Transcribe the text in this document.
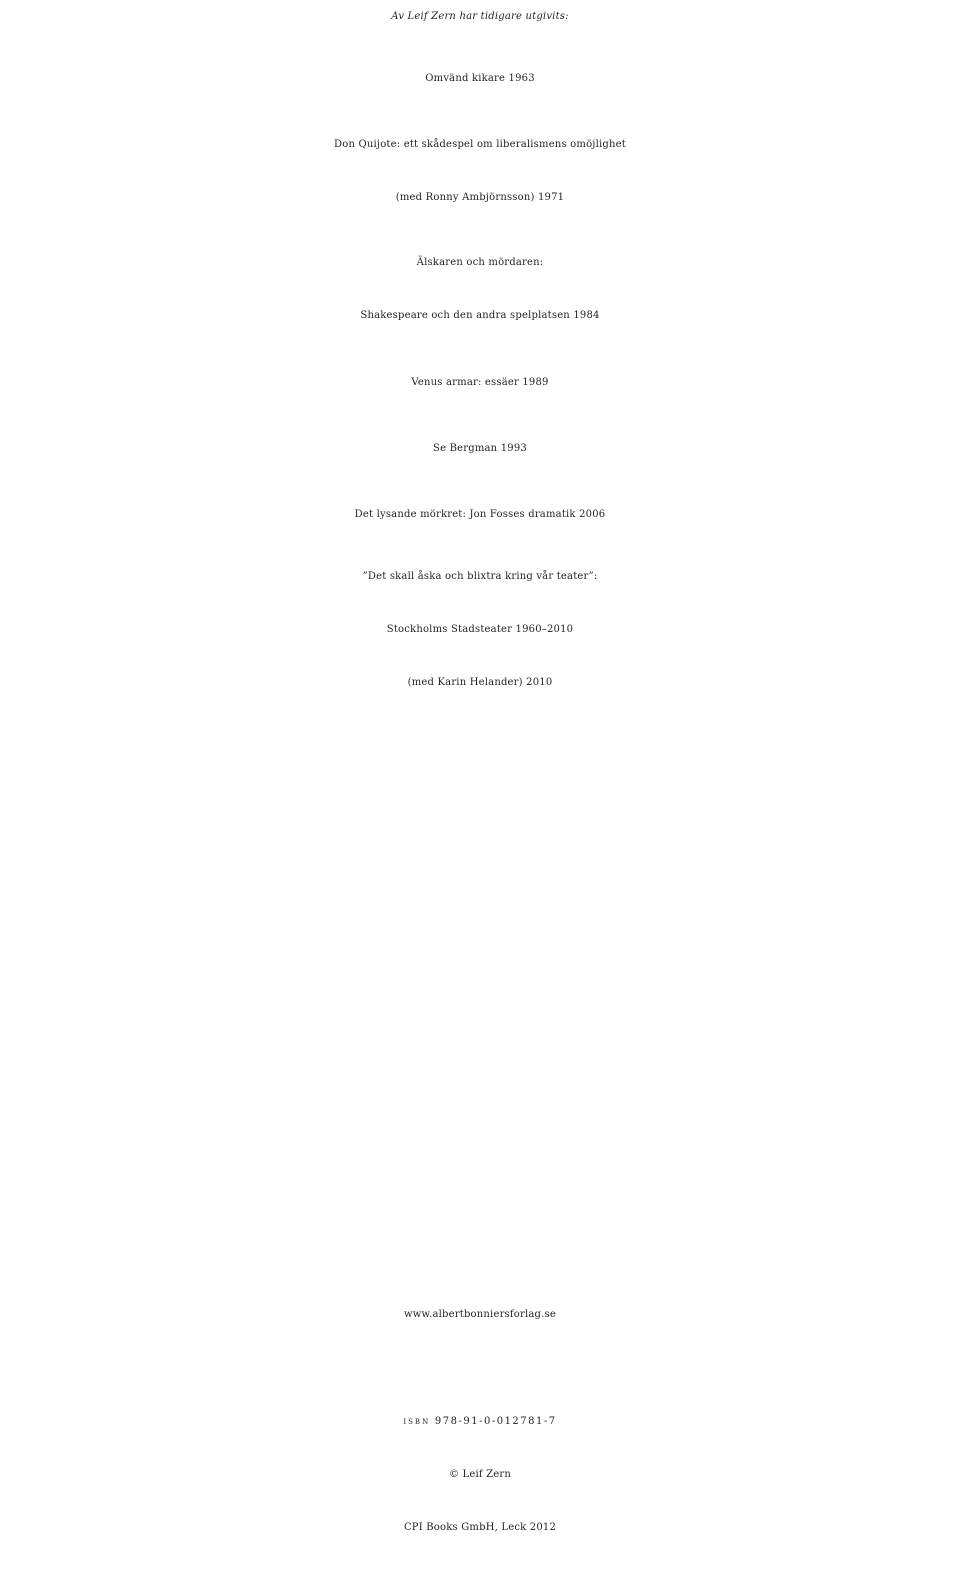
Av Leif Zern har tidigare utgivits:
Omvänd kikare 1963
Don Quijote: ett skådespel om liberalismens omöjlighet
(med Ronny Ambjörnsson) 1971
Älskaren och mördaren:
Shakespeare och den andra spelplatsen 1984
Venus armar: essäer 1989
Se Bergman 1993
Det lysande mörkret: Jon Fosses dramatik 2006
”Det skall åska och blixtra kring vår teater”:
Stockholms Stadsteater 1960–2010
(med Karin Helander) 2010
www.albertbonniersforlag.se
isbn 978-91-0-012781-7
© Leif Zern
CPI Books GmbH, Leck 2012
